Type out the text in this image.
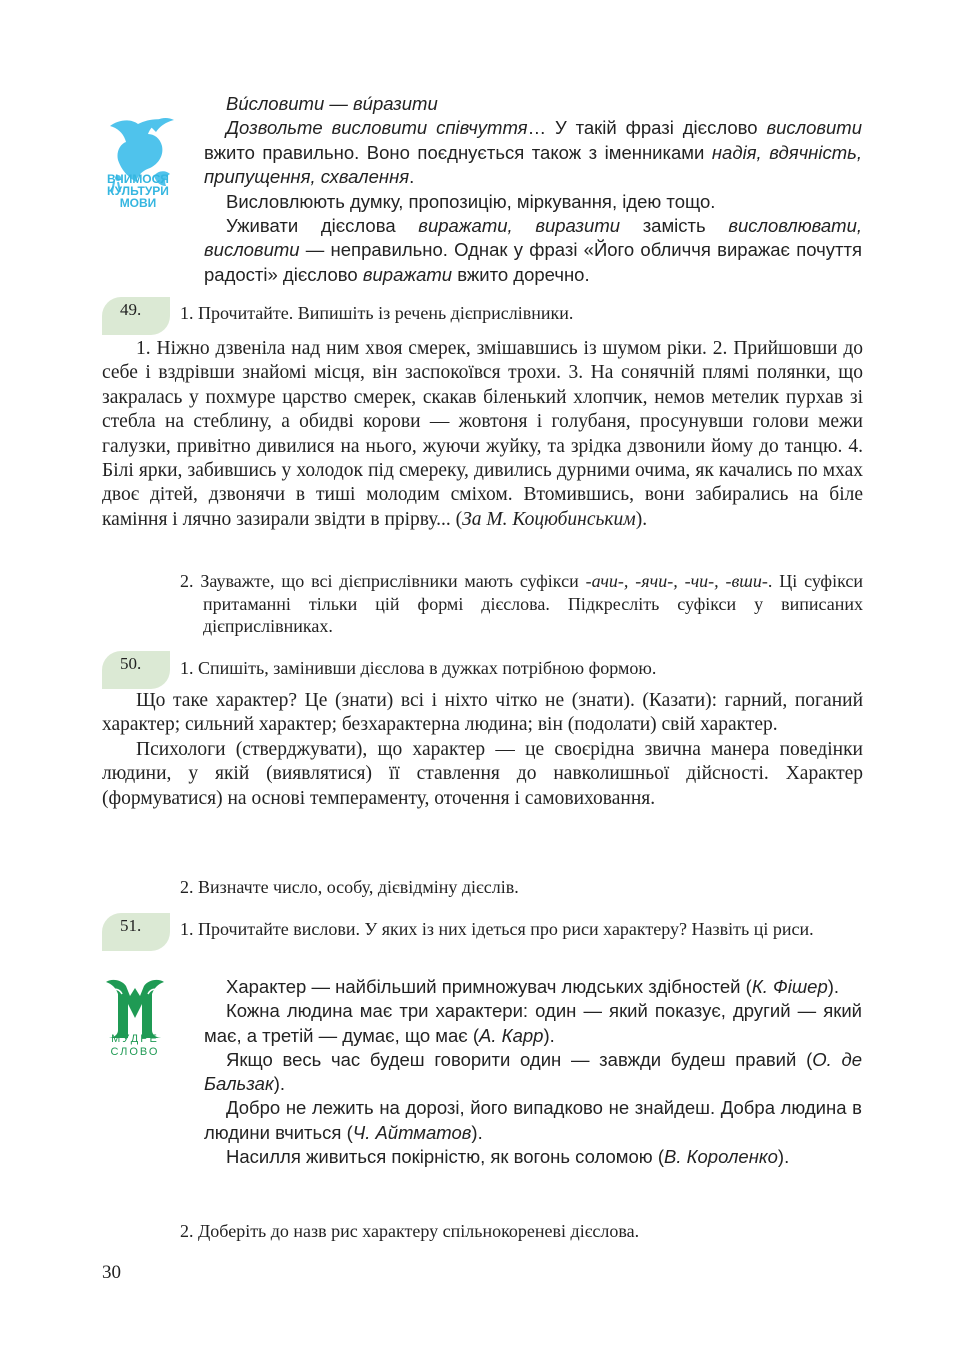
ВЧИМОСЯ
КУЛЬТУРИ
МОВИ

Ви́словити — ви́разити

Дозвольте висловити співчуття… У такій фразі дієслово висловити вжито правильно. Воно поєднується також з іменниками надія, вдячність, припущення, схвалення.

Висловлюють думку, пропозицію, міркування, ідею тощо.

Уживати дієслова виражати, виразити замість висловлювати, висловити — неправильно. Однак у фразі «Його обличчя виражає почуття радості» дієслово виражати вжито доречно.

49.	1. Прочитайте. Випишіть із речень дієприслівники.

1. Ніжно дзвеніла над ним хвоя смерек, змішавшись із шумом ріки. 2. Прийшовши до себе і вздрівши знайомі місця, він заспокоївся трохи. 3. На сонячній плямі полянки, що закралась у похмуре царство смерек, скакав біленький хлопчик, немов метелик пурхав зі стебла на стеблину, а обидві корови — жовтоня і голубаня, просунувши голови межи галузки, привітно дивилися на нього, жуючи жуйку, та зрідка дзвонили йому до танцю. 4. Білі ярки, забившись у холодок під смереку, дивились дурними очима, як качались по мхах двоє дітей, дзвонячи в тиші молодим сміхом. Втомившись, вони забирались на біле каміння і лячно зазирали звідти в прірву... (За М. Коцюбинським).

2. Зауважте, що всі дієприслівники мають суфікси -ачи-, -ячи-, -чи-, -вши-. Ці суфікси притаманні тільки цій формі дієслова. Підкресліть суфікси у виписаних дієприслівниках.
50.	1. Спишіть, замінивши дієслова в дужках потрібною формою.

Що таке характер? Це (знати) всі і ніхто чітко не (знати). (Казати): гарний, поганий характер; сильний характер; безхарактерна людина; він (подолати) свій характер.

Психологи (стверджувати), що характер — це своєрідна звична манера поведінки людини, у якій (виявлятися) її ставлення до навколишньої дійсності. Характер (формуватися) на основі темпераменту, оточення і самовиховання.

2. Визначте число, особу, дієвідміну дієслів.
51.	1. Прочитайте вислови. У яких із них ідеться про риси характеру? Назвіть ці риси.
МУДРЕ
СЛОВО

Характер — найбільший примножувач людських здібностей (К. Фішер).

Кожна людина має три характери: один — який показує, другий — який має, а третій — думає, що має (А. Карр).

Якщо весь час будеш говорити один — завжди будеш правий (О. де Бальзак).

Добро не лежить на дорозі, його випадково не знайдеш. Добра людина в людини вчиться (Ч. Айтматов).

Насилля живиться покірністю, як вогонь соломою (В. Короленко).

2. Доберіть до назв рис характеру спільнокореневі дієслова.
30
